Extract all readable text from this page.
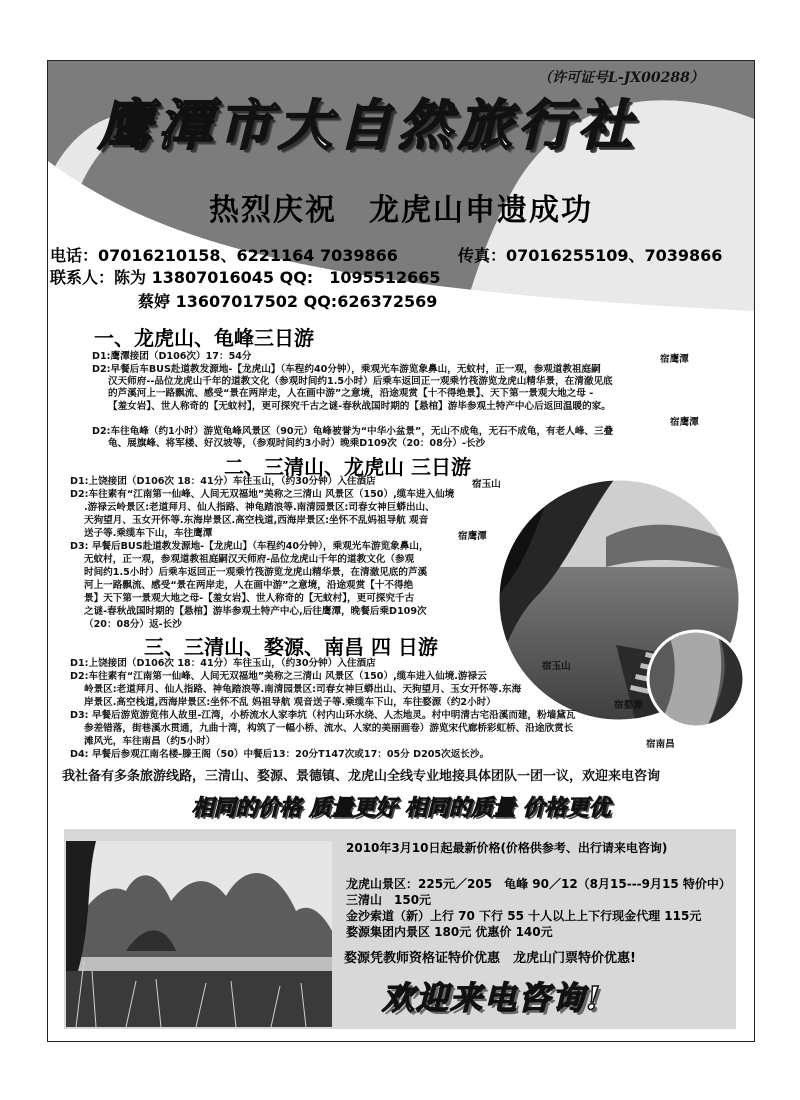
（许可证号L-JX00288）
鹰潭市大自然旅行社
热烈庆祝　龙虎山申遗成功
电话：07016210158、6221164 7039866	传真：07016255109、7039866
联系人：陈为 13807016045 QQ:　1095512665
蔡婷 13607017502 QQ:626372569
一、龙虎山、龟峰三日游
D1:鹰潭接团（D106次）17：54分
D2:早餐后车BUS赴道教发源地-【龙虎山】（车程约40分钟），乘观光车游览象鼻山，无蚊村，正一观，参观道教祖庭嗣
汉天师府--品位龙虎山千年的道教文化（参观时间约1.5小时）后乘车返回正一观乘竹筏游览龙虎山精华景，在清澈见底
的芦溪河上一路飘流、感受“景在两岸走，人在画中游”之意境，沿途观赏【十不得绝景】、天下第一景观大地之母 -
【羞女岩】、世人称奇的【无蚊村】，更可探究千古之谜-春秋战国时期的【悬棺】游毕参观土特产中心后返回温暖的家。
D2:车往龟峰（约1小时）游览龟峰风景区（90元）龟峰被誉为“中华小盆景”，无山不成龟，无石不成龟，有老人峰、三叠
龟、展旗峰、将军楼、好汉坡等，（参观时间约3小时）晚乘D109次（20：08分）-长沙
宿鹰潭
宿鹰潭
二、三清山、龙虎山 三日游
D1:上饶接团（D106次 18：41分）车往玉山，（约30分钟）入住酒店
D2:车往素有“江南第一仙峰、人间无双福地”美称之三清山 风景区（150）,缆车进入仙境
.游禄云岭景区:老道拜月、仙人指路、神龟踏浪等.南清园景区:司春女神巨蟒出山、
天狗望月、玉女开怀等.东海岸景区.高空栈道,西海岸景区:坐怀不乱妈祖导航 观音
送子等.乘缆车下山，车往鹰潭
D3: 早餐后BUS赴道教发源地-【龙虎山】（车程约40分钟），乘观光车游览象鼻山，
无蚊村，正一观，参观道教祖庭嗣汉天师府-品位龙虎山千年的道教文化（参观
时间约1.5小时）后乘车返回正一观乘竹筏游览龙虎山精华景，在清澈见底的芦溪
河上一路飘流、感受“景在两岸走，人在画中游”之意境，沿途观赏【十不得绝
景】天下第一景观大地之母-【羞女岩】、世人称奇的【无蚊村】，更可探究千古
之谜-春秋战国时期的【悬棺】游毕参观土特产中心,后往鹰潭，晚餐后乘D109次
（20：08分）返-长沙
宿玉山
宿鹰潭
三、三清山、婺源、南昌 四 日游
D1:上饶接团（D106次 18：41分）车往玉山，（约30分钟）入住酒店
D2:车往素有“江南第一仙峰、人间无双福地”美称之三清山 风景区（150）,缆车进入仙境.游禄云
岭景区:老道拜月、仙人指路、神龟踏浪等.南清园景区:司春女神巨蟒出山、天狗望月、玉女开怀等.东海
岸景区.高空栈道,西海岸景区:坐怀不乱 妈祖导航 观音送子等.乘缆车下山，车往婺源（约2小时）
D3: 早餐后游览游览伟人故里-江湾，小桥流水人家李坑（村内山环水绕、人杰地灵。村中明清古宅沿溪而建，粉墙黛瓦
参差错落，街巷溪水贯通，九曲十湾，构筑了一幅小桥、流水、人家的美丽画卷）游览宋代廊桥彩虹桥、沿途欣赏长
滩风光，车往南昌（约5小时）
D4: 早餐后参观江南名楼-滕王阁（50）中餐后13：20分T147次或17：05分 D205次返长沙。
宿玉山
宿婺源
宿南昌
我社备有多条旅游线路，三清山、婺源、景德镇、龙虎山全线专业地接具体团队一团一议，欢迎来电咨询
相同的价格 质量更好 相同的质量 价格更优
2010年3月10日起最新价格(价格供参考、出行请来电咨询)
龙虎山景区：225元／205　龟峰 90／12（8月15---9月15 特价中）
三清山　150元
金沙索道（新）上行 70 下行 55 十人以上上下行现金代理 115元
婺源集团内景区 180元 优惠价 140元
婺源凭教师资格证特价优惠　龙虎山门票特价优惠!
欢迎来电咨询!
